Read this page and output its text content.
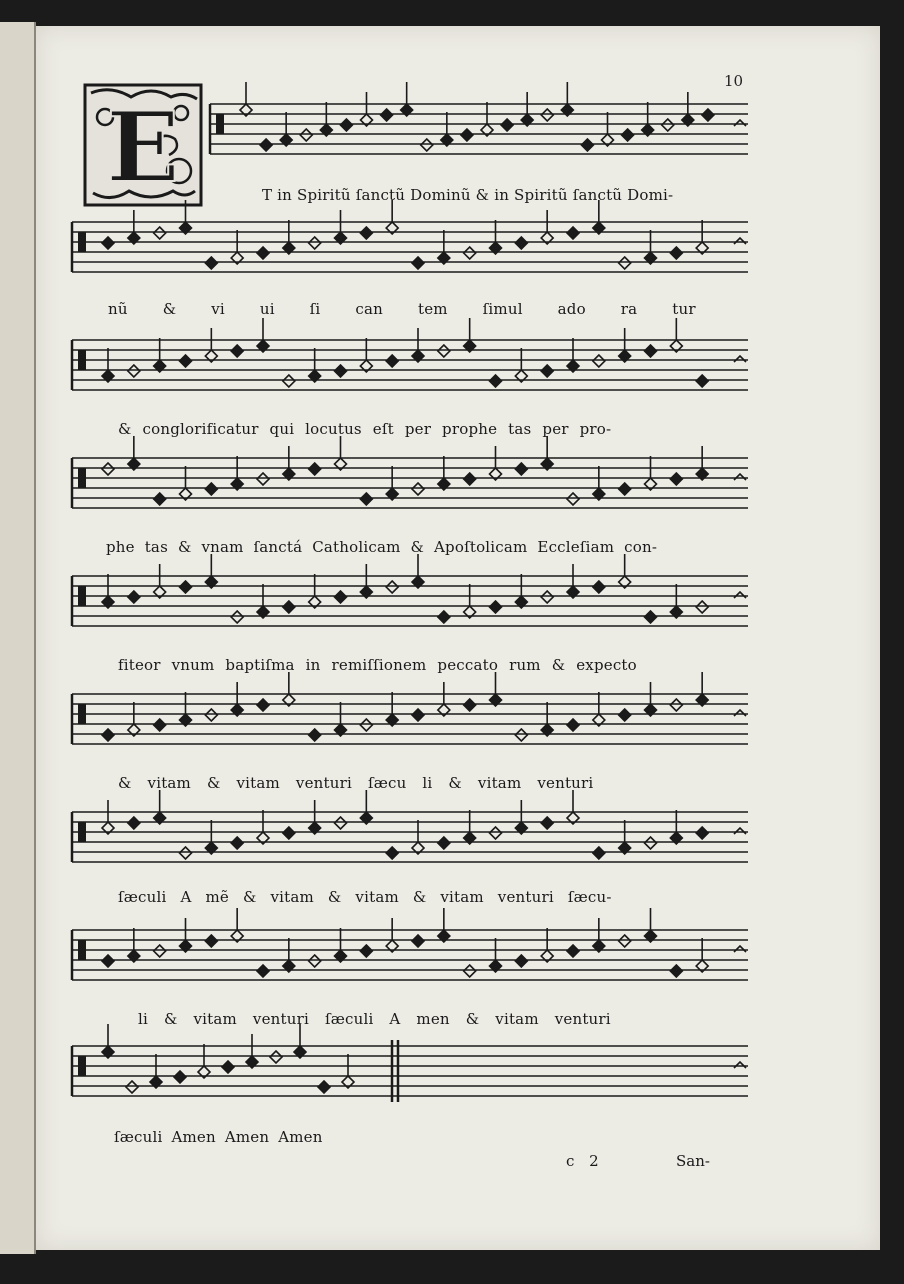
10
E	T in Spiritũ ſanctũ Dominũ & in Spiritũ ſanctũ Domi-
nũ & vi ui ſi can tem ſimul ado ra tur
& conglorificatur qui locutus eſt per prophe tas per pro-
phe tas & vnam ſanctá Catholicam & Apoſtolicam Eccleſiam con-
fiteor vnum baptiſma in remiſſionem peccato rum & expecto
& vitam & vitam venturi ſæcu li & vitam venturi
ſæculi A mẽ & vitam & vitam & vitam venturi ſæcu-
li & vitam venturi ſæculi A men & vitam venturi
ſæculi Amen Amen Amen
c 2	San-
